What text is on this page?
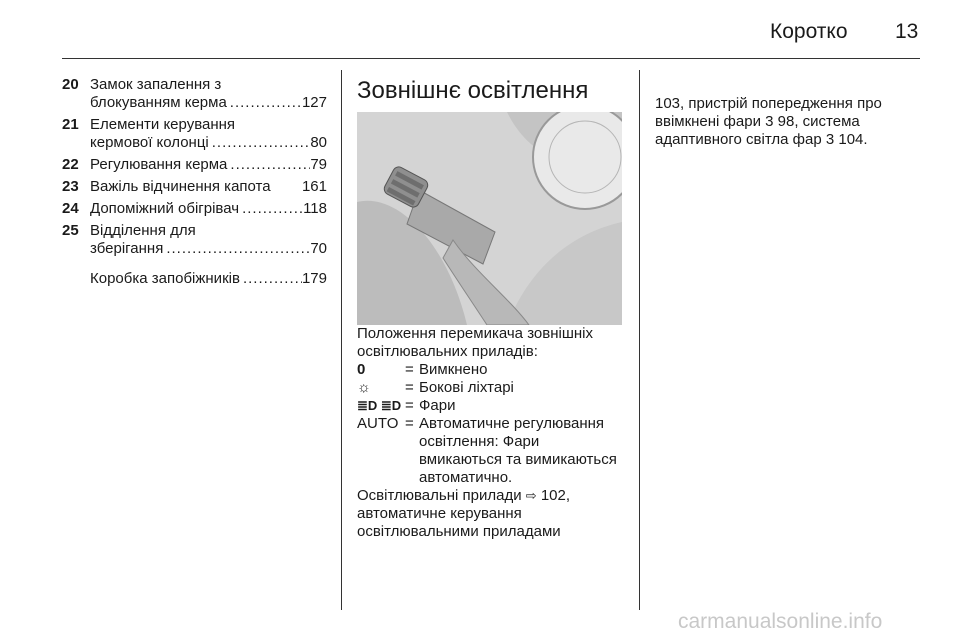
Коротко 13
20 Замок запалення з
блокуванням керма .....	127
21 Елементи керування
кермової колонці .....	80
22 Регулювання керма .....	79
23 Важіль відчинення капота 161
24 Допоміжний обігрівач .....	118
25 Відділення для
зберігання .....	70
Коробка запобіжників .....	179
Зовнішнє освітлення

Положення перемикача зовнішніх освітлювальних приладів:

0	= Вимкнено
☼	= Бокові ліхтарі
≣D ≣D = Фари
AUTO = Автоматичне регулювання освітлення: Фари вмикаються та вимикаються автоматично.

Освітлювальні прилади ⇨ 102,
автоматичне керування освітлювальними приладами

103, пристрій попередження про ввімкнені фари 3 98, система адаптивного світла фар 3 104.

carmanualsonline.info
